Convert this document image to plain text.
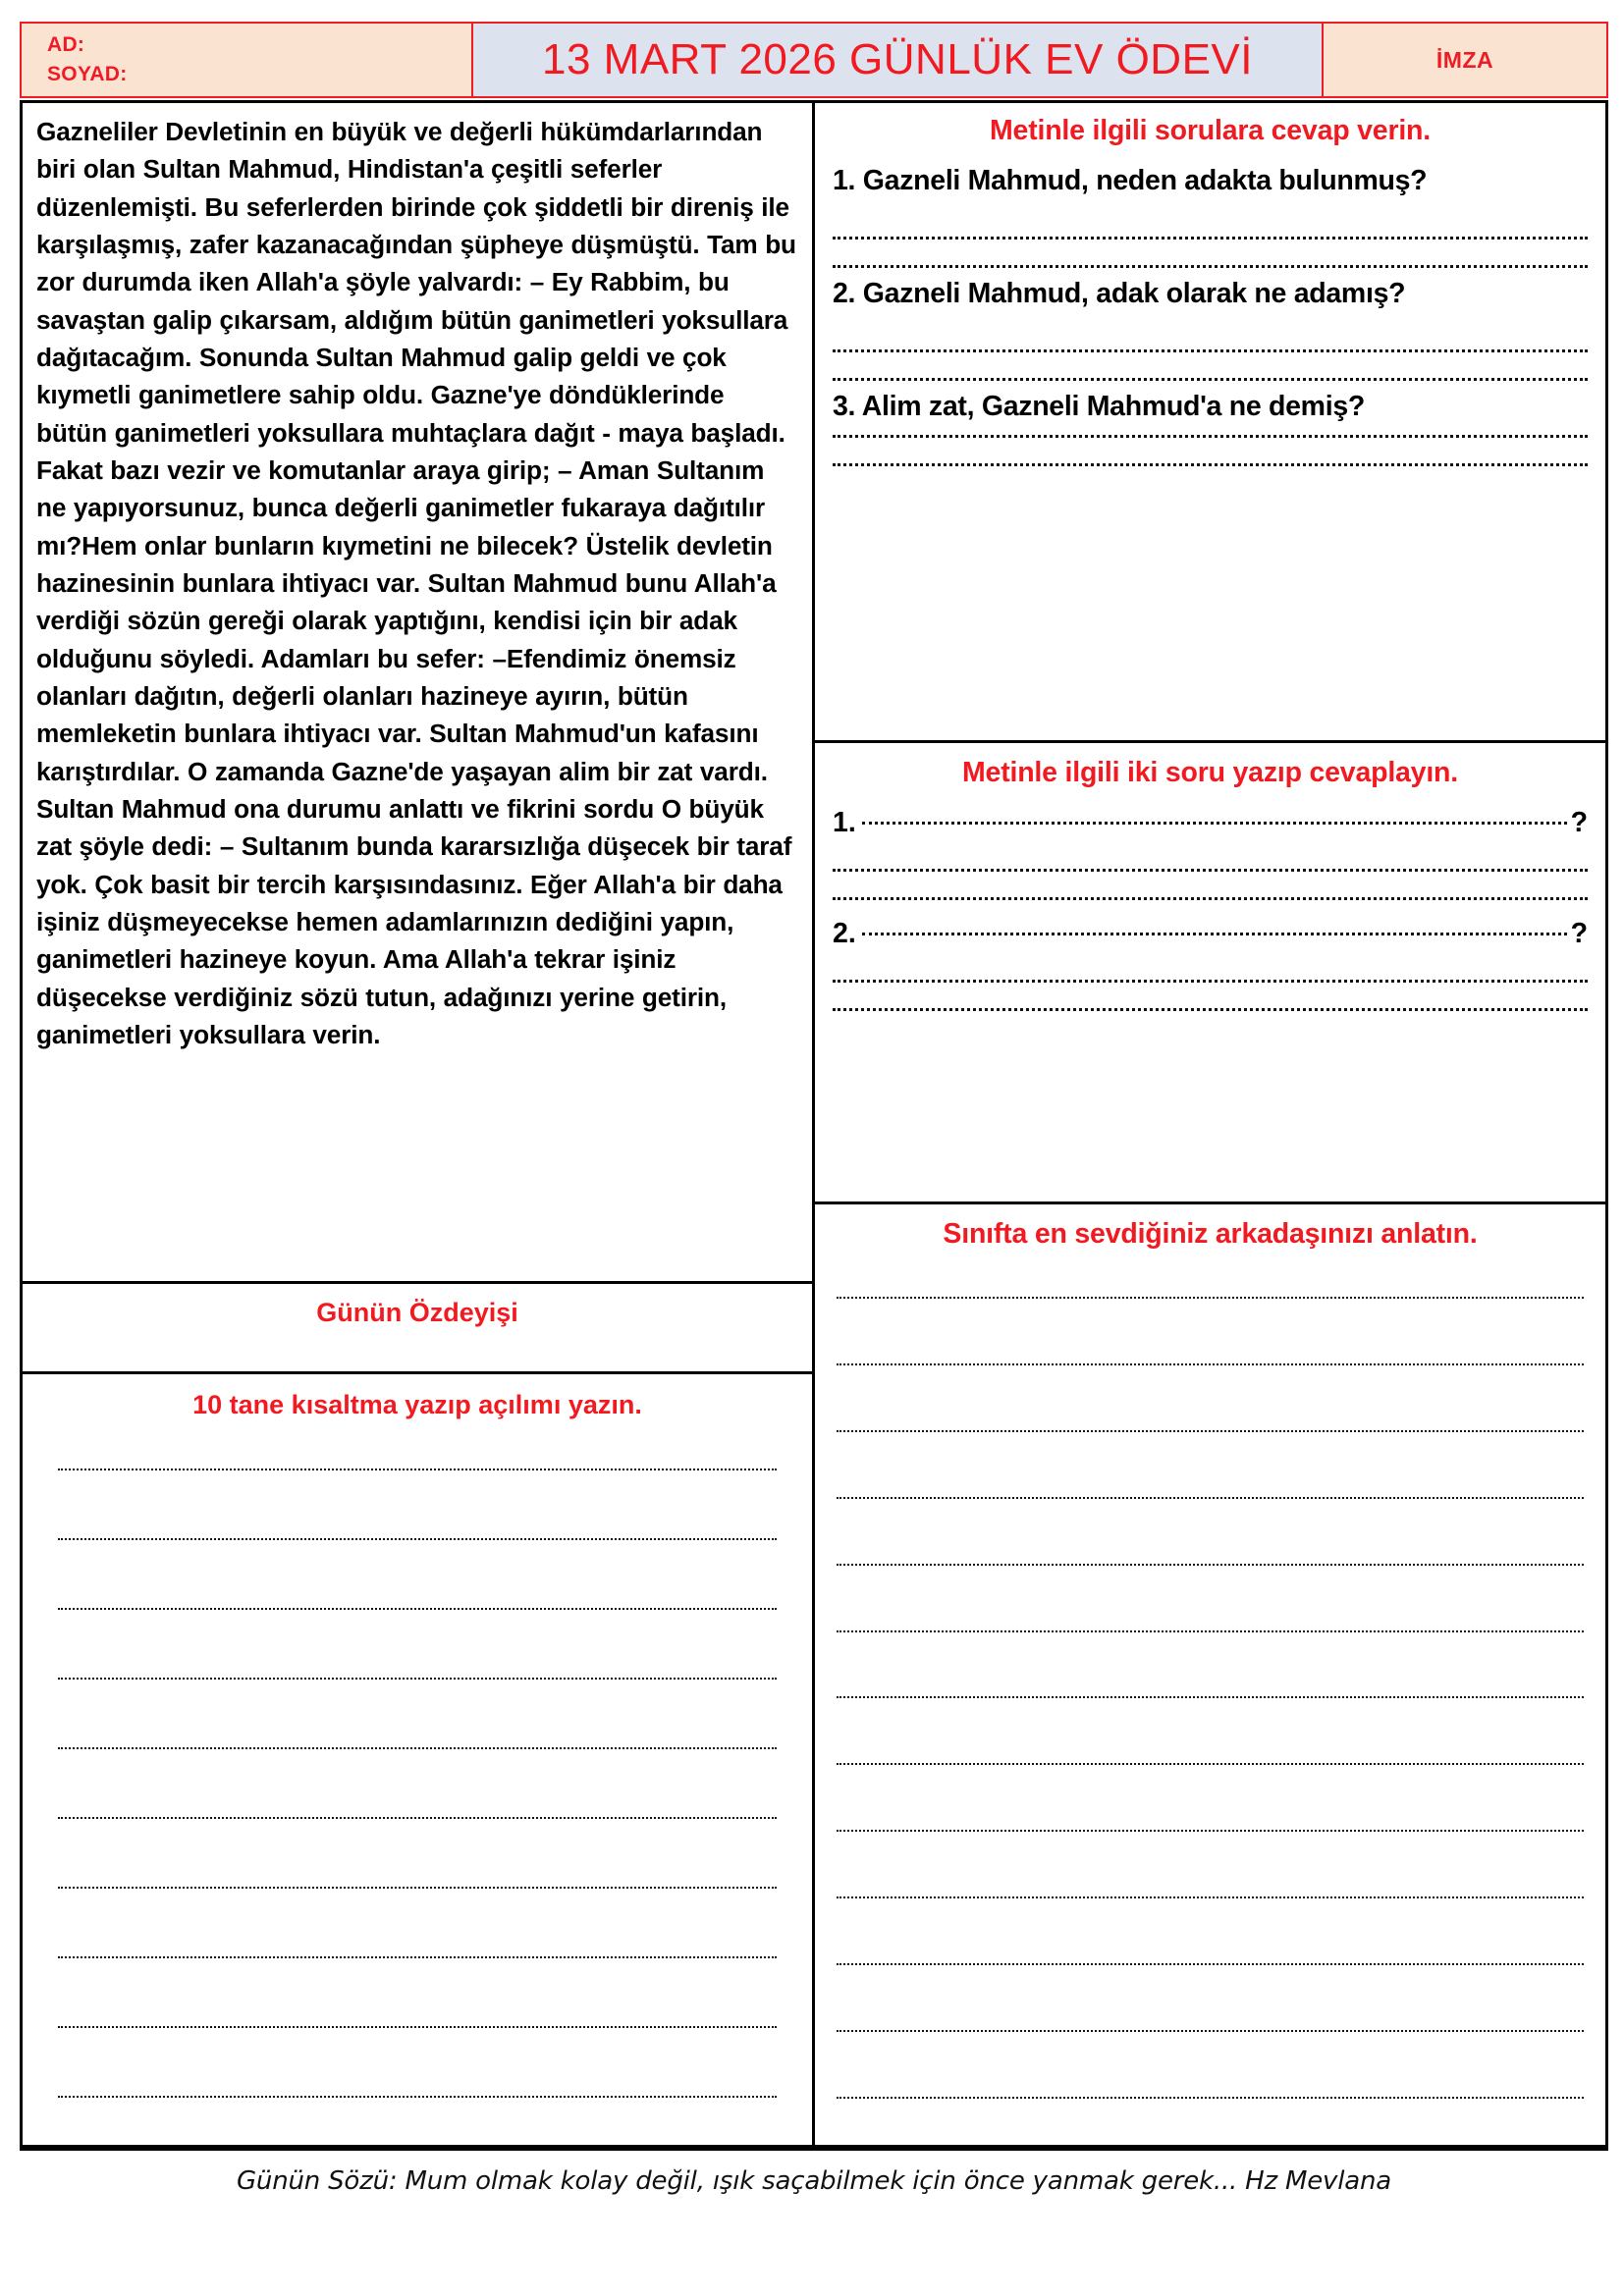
AD:
SOYAD:	13 MART 2026 GÜNLÜK EV ÖDEVİ	İMZA

Gazneliler Devletinin en büyük ve değerli hükümdarlarından biri olan Sultan Mahmud, Hindistan'a çeşitli seferler düzenlemişti. Bu seferlerden birinde çok şiddetli bir direniş ile karşılaşmış, zafer kazanacağından şüpheye düşmüştü. Tam bu zor durumda iken Allah'a şöyle yalvardı: – Ey Rabbim, bu savaştan galip çıkarsam, aldığım bütün ganimetleri yoksullara dağıtacağım. Sonunda Sultan Mahmud galip geldi ve çok kıymetli ganimetlere sahip oldu. Gazne'ye döndüklerinde bütün ganimetleri yoksullara muhtaçlara dağıt - maya başladı. Fakat bazı vezir ve komutanlar araya girip; – Aman Sultanım ne yapıyorsunuz, bunca değerli ganimetler fukaraya dağıtılır mı?Hem onlar bunların kıymetini ne bilecek? Üstelik devletin hazinesinin bunlara ihtiyacı var. Sultan Mahmud bunu Allah'a verdiği sözün gereği olarak yaptığını, kendisi için bir adak olduğunu söyledi. Adamları bu sefer: –Efendimiz önemsiz olanları dağıtın, değerli olanları hazineye ayırın, bütün memleketin bunlara ihtiyacı var. Sultan Mahmud'un kafasını karıştırdılar. O zamanda Gazne'de yaşayan alim bir zat vardı. Sultan Mahmud ona durumu anlattı ve fikrini sordu O büyük zat şöyle dedi: – Sultanım bunda kararsızlığa düşecek bir taraf yok. Çok basit bir tercih karşısındasınız. Eğer Allah'a bir daha işiniz düşmeyecekse hemen adamlarınızın dediğini yapın, ganimetleri hazineye koyun. Ama Allah'a tekrar işiniz düşecekse verdiğiniz sözü tutun, adağınızı yerine getirin, ganimetleri yoksullara verin.

Günün Özdeyişi
10 tane kısaltma yazıp açılımı yazın.
Metinle ilgili sorulara cevap verin.
1. Gazneli Mahmud, neden adakta bulunmuş?
2. Gazneli Mahmud, adak olarak ne adamış?
3. Alim zat, Gazneli Mahmud'a ne demiş?
Metinle ilgili iki soru yazıp cevaplayın.
1.	?
2.	?
Sınıfta en sevdiğiniz arkadaşınızı anlatın.
Günün Sözü: Mum olmak kolay değil, ışık saçabilmek için önce yanmak gerek... Hz Mevlana
